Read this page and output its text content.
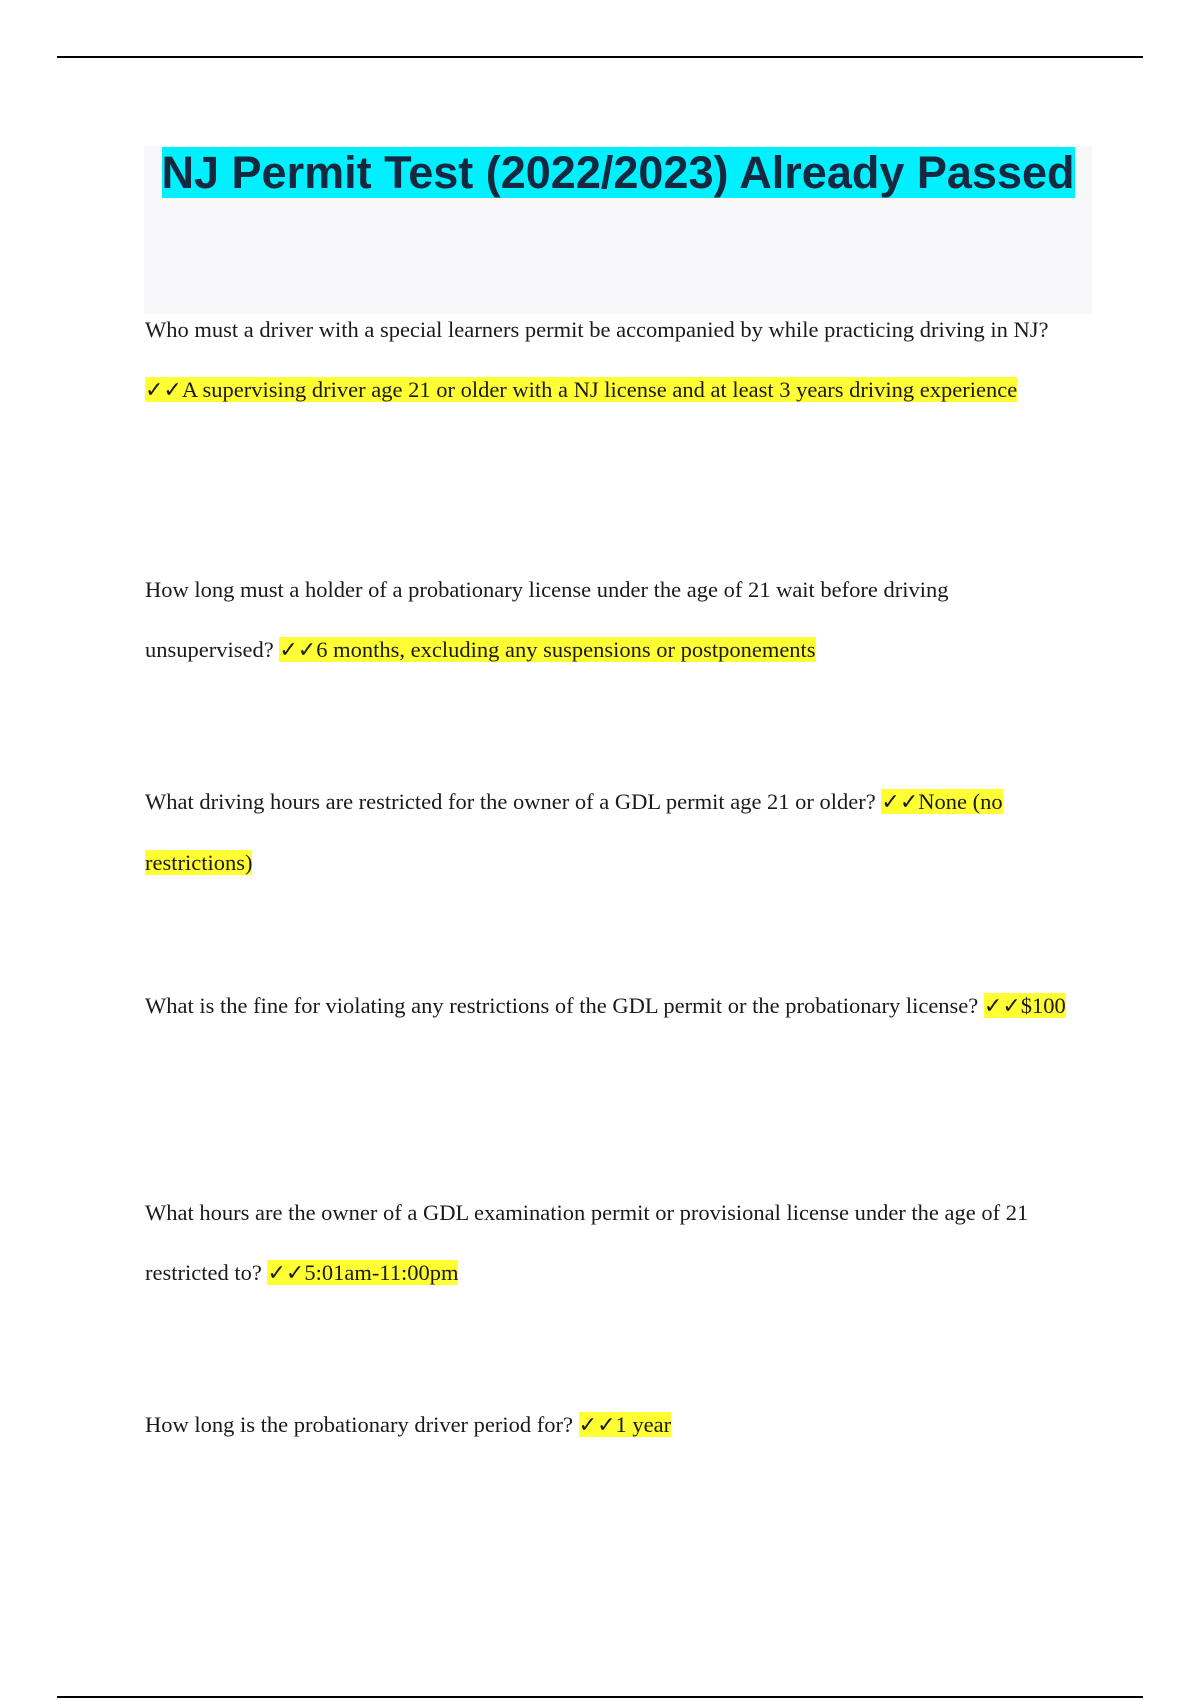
NJ Permit Test (2022/2023) Already Passed

Who must a driver with a special learners permit be accompanied by while practicing driving in NJ? ✓✓A supervising driver age 21 or older with a NJ license and at least 3 years driving experience

How long must a holder of a probationary license under the age of 21 wait before driving unsupervised? ✓✓6 months, excluding any suspensions or postponements

What driving hours are restricted for the owner of a GDL permit age 21 or older? ✓✓None (no restrictions)

What is the fine for violating any restrictions of the GDL permit or the probationary license? ✓✓$100

What hours are the owner of a GDL examination permit or provisional license under the age of 21 restricted to? ✓✓5:01am-11:00pm

How long is the probationary driver period for? ✓✓1 year
